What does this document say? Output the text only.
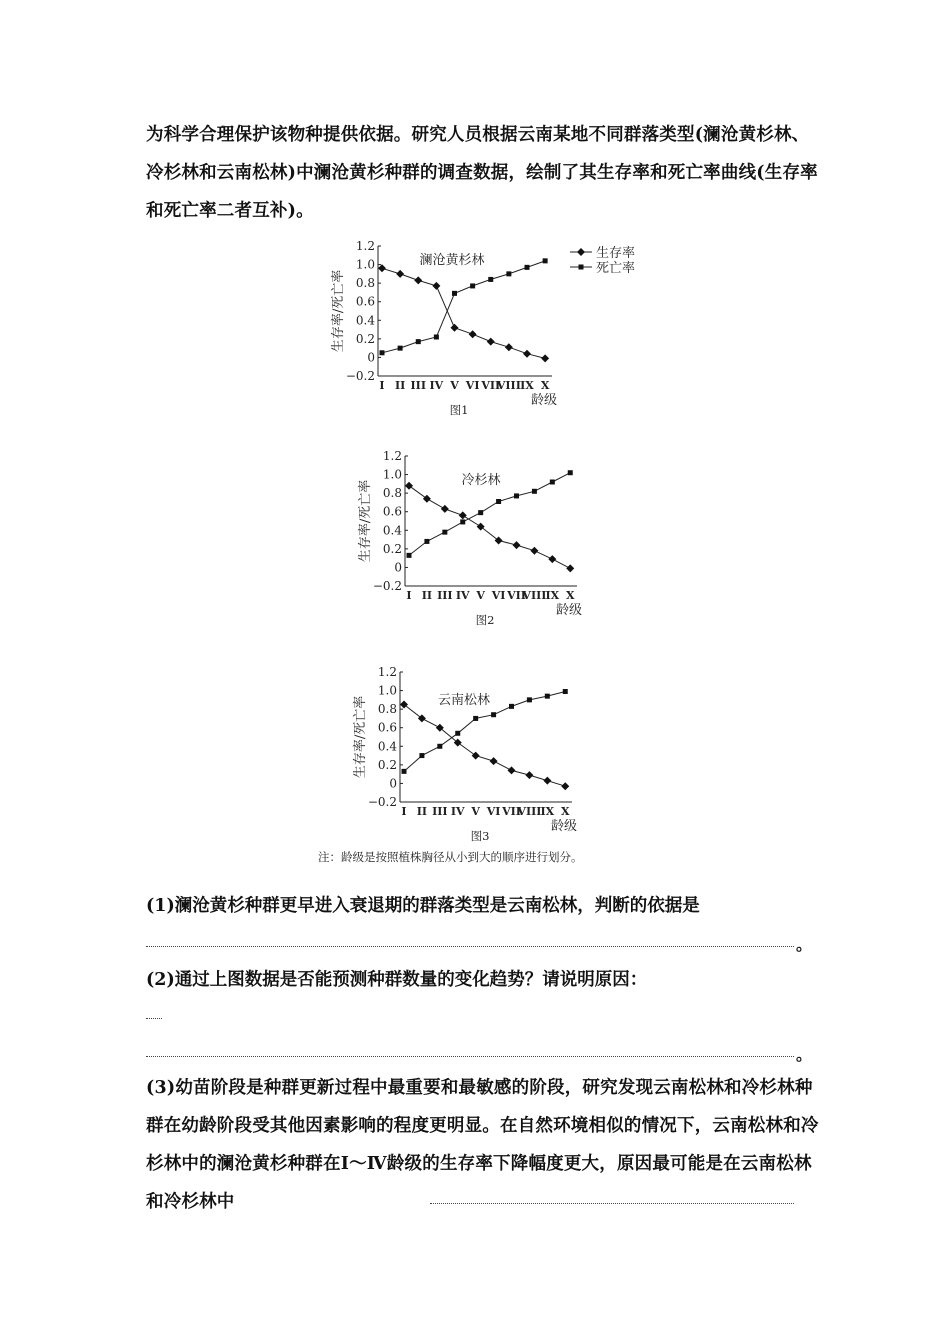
为科学合理保护该物种提供依据。研究人员根据云南某地不同群落类型(澜沧黄杉林、冷杉林和云南松林)中澜沧黄杉种群的调查数据，绘制了其生存率和死亡率曲线(生存率和死亡率二者互补)。
1.2
1.0
0.8
0.6
0.4
0.2
0
−0.2
I II III IV V VI VII
VIII IX X
生存率/死亡率
龄级
图1
澜沧黄杉林	生存率
死亡率
1.2
1.0
0.8
0.6
0.4
0.2
0
−0.2
I II III IV V VI VII
VIII IX X
生存率/死亡率
龄级
图2
冷杉林
1.2
1.0
0.8
0.6
0.4
0.2
0
−0.2
I II III IV V VI VII
VIII IX X
生存率/死亡率
龄级
图3
云南松林
注：龄级是按照植株胸径从小到大的顺序进行划分。
(1)澜沧黄杉种群更早进入衰退期的群落类型是云南松林，判断的依据是
。
(2)通过上图数据是否能预测种群数量的变化趋势？请说明原因：
。
(3)幼苗阶段是种群更新过程中最重要和最敏感的阶段，研究发现云南松林和冷杉林种群在幼龄阶段受其他因素影响的程度更明显。在自然环境相似的情况下，云南松林和冷杉林中的澜沧黄杉种群在Ⅰ～Ⅳ龄级的生存率下降幅度更大，原因最可能是在云南松林和冷杉林中
